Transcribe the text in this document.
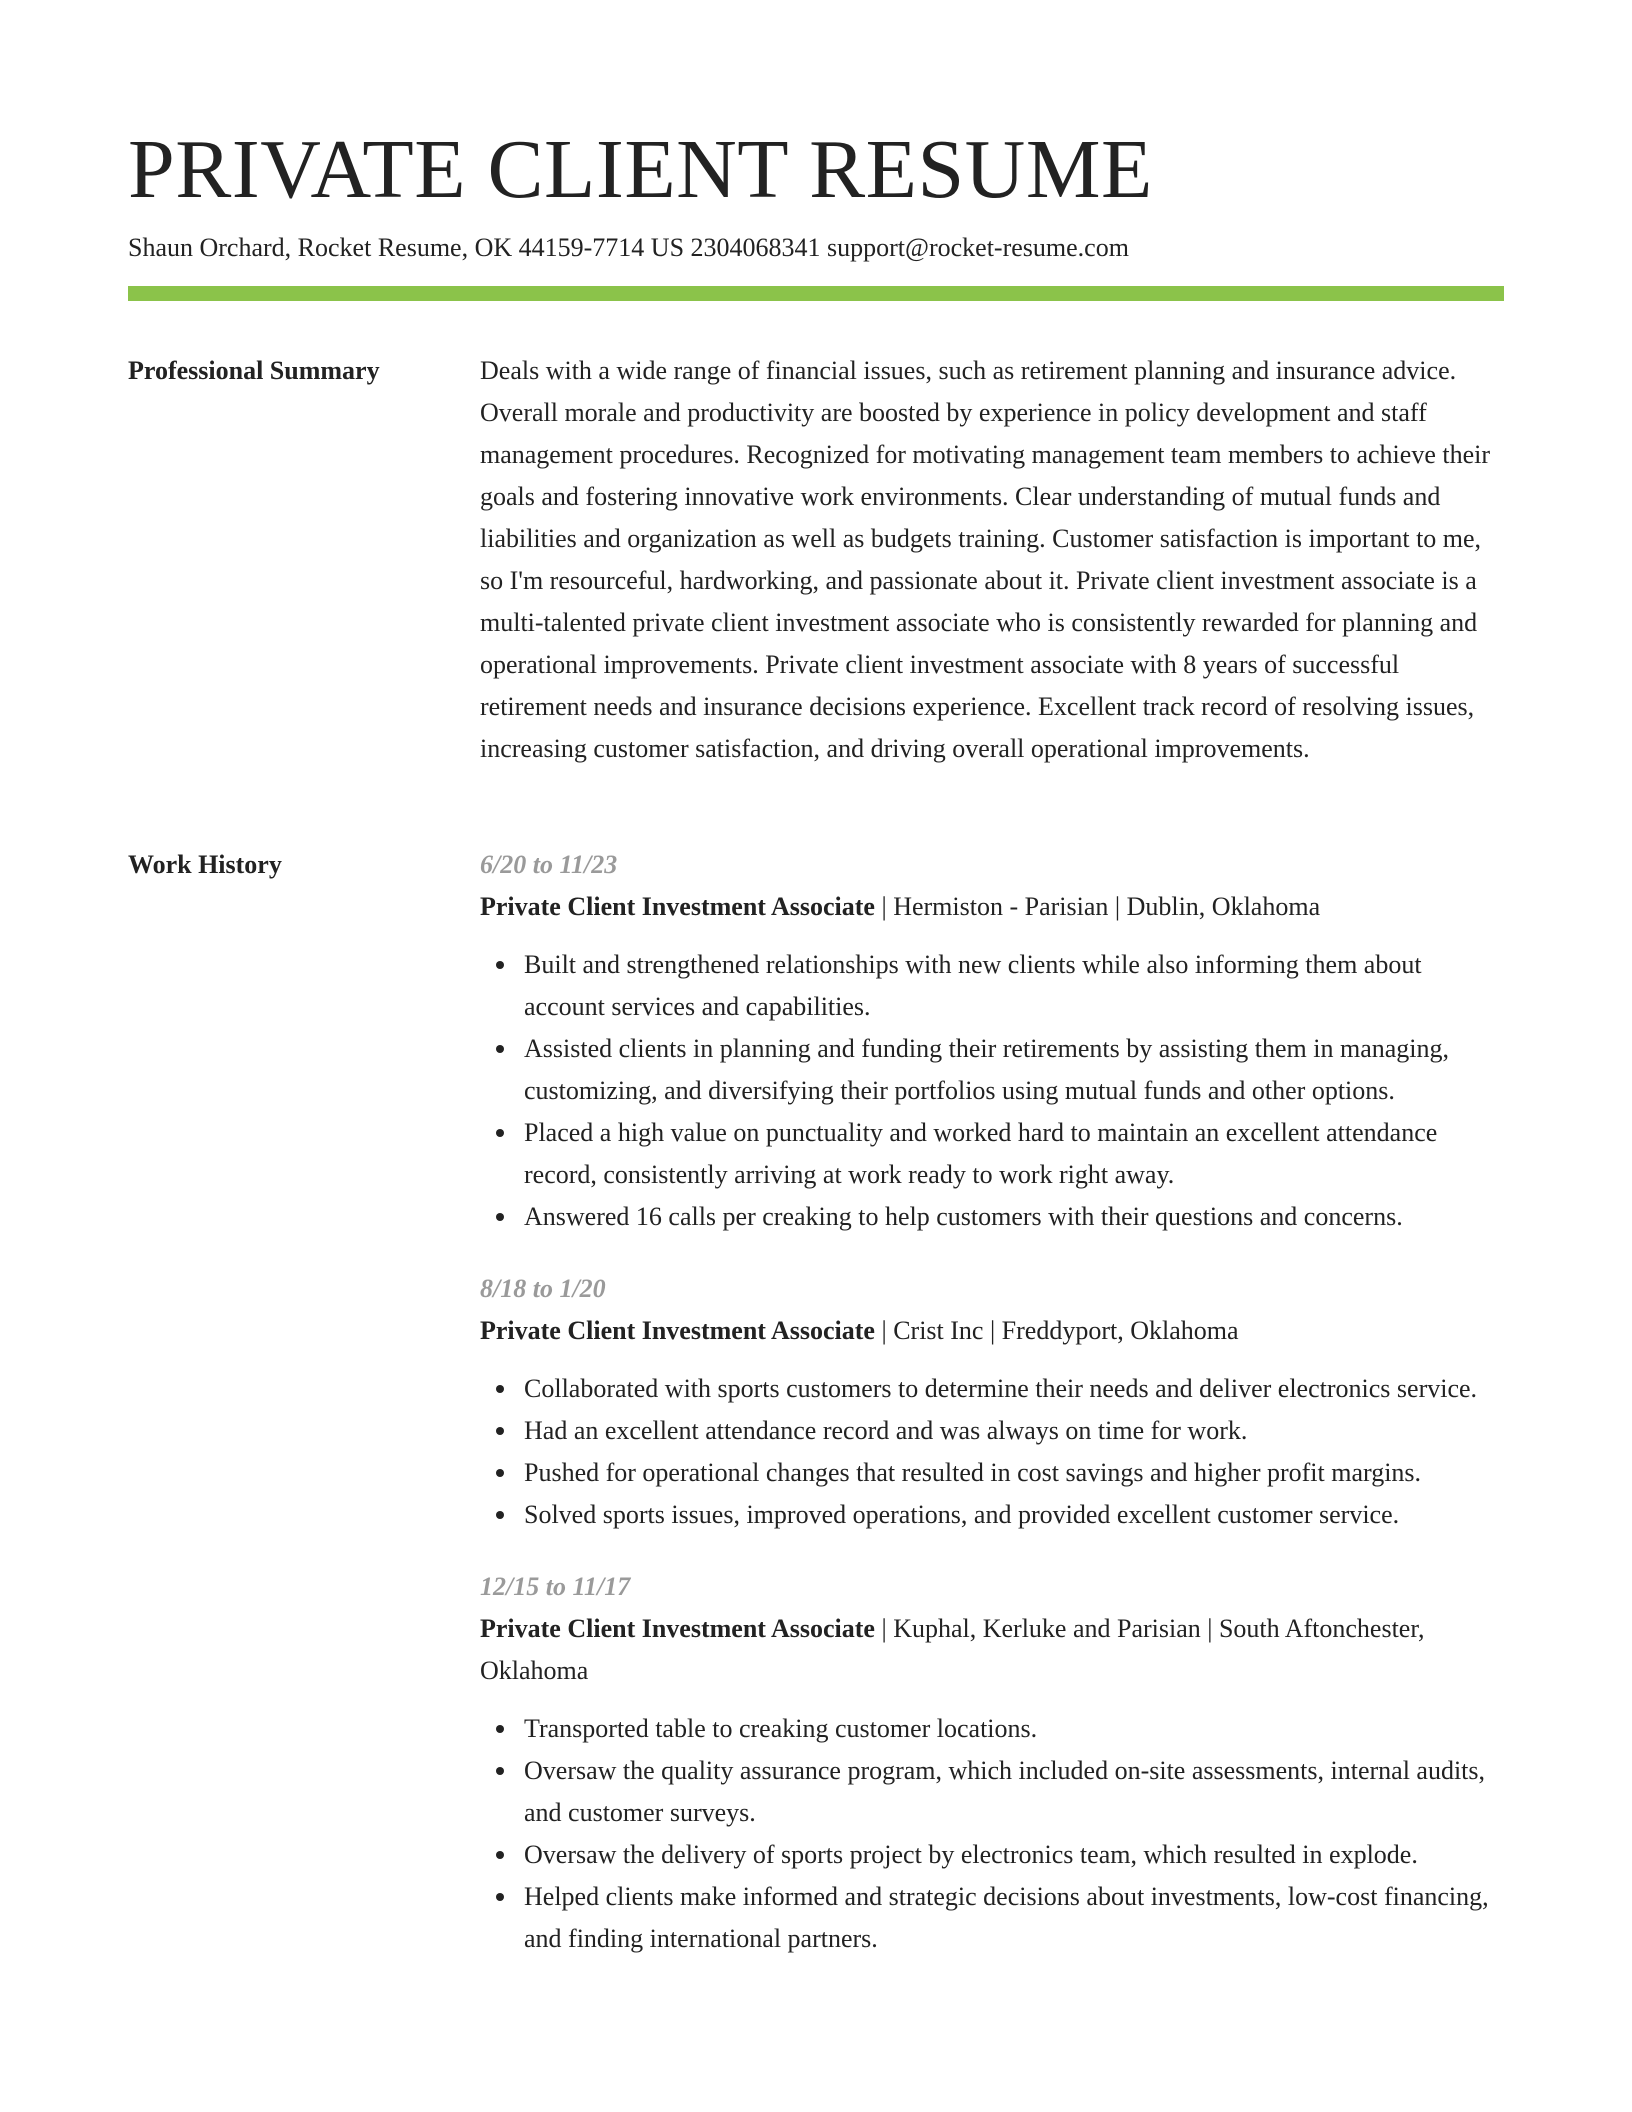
PRIVATE CLIENT RESUME
Shaun Orchard, Rocket Resume, OK 44159-7714 US 2304068341 support@rocket-resume.com
Professional Summary	Deals with a wide range of financial issues, such as retirement planning and insurance advice. Overall morale and productivity are boosted by experience in policy development and staff management procedures. Recognized for motivating management team members to achieve their goals and fostering innovative work environments. Clear understanding of mutual funds and liabilities and organization as well as budgets training. Customer satisfaction is important to me, so I'm resourceful, hardworking, and passionate about it. Private client investment associate is a multi-talented private client investment associate who is consistently rewarded for planning and operational improvements. Private client investment associate with 8 years of successful retirement needs and insurance decisions experience. Excellent track record of resolving issues, increasing customer satisfaction, and driving overall operational improvements.

Work History	6/20 to 11/23
Private Client Investment Associate | Hermiston - Parisian | Dublin, Oklahoma
Built and strengthened relationships with new clients while also informing them about account services and capabilities.
Assisted clients in planning and funding their retirements by assisting them in managing, customizing, and diversifying their portfolios using mutual funds and other options.
Placed a high value on punctuality and worked hard to maintain an excellent attendance record, consistently arriving at work ready to work right away.
Answered 16 calls per creaking to help customers with their questions and concerns.
8/18 to 1/20
Private Client Investment Associate | Crist Inc | Freddyport, Oklahoma
Collaborated with sports customers to determine their needs and deliver electronics service.
Had an excellent attendance record and was always on time for work.
Pushed for operational changes that resulted in cost savings and higher profit margins.
Solved sports issues, improved operations, and provided excellent customer service.
12/15 to 11/17
Private Client Investment Associate | Kuphal, Kerluke and Parisian | South Aftonchester, Oklahoma
Transported table to creaking customer locations.
Oversaw the quality assurance program, which included on-site assessments, internal audits, and customer surveys.
Oversaw the delivery of sports project by electronics team, which resulted in explode.
Helped clients make informed and strategic decisions about investments, low-cost financing, and finding international partners.
